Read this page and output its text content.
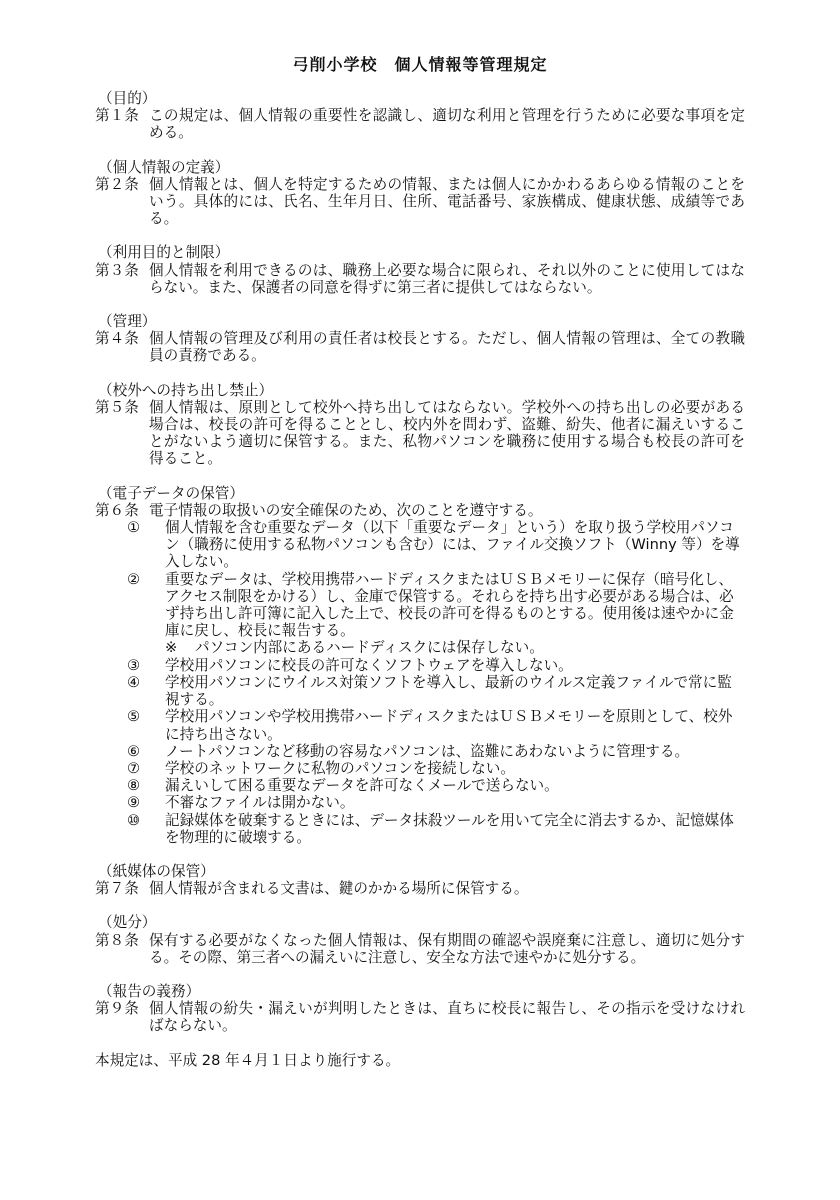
弓削小学校　個人情報等管理規定
（目的）
第１条 この規定は、個人情報の重要性を認識し、適切な利用と管理を行うために必要な事項を定める。
（個人情報の定義）
第２条 個人情報とは、個人を特定するための情報、または個人にかかわるあらゆる情報のことをいう。具体的には、氏名、生年月日、住所、電話番号、家族構成、健康状態、成績等である。
（利用目的と制限）
第３条 個人情報を利用できるのは、職務上必要な場合に限られ、それ以外のことに使用してはならない。また、保護者の同意を得ずに第三者に提供してはならない。
（管理）
第４条 個人情報の管理及び利用の責任者は校長とする。ただし、個人情報の管理は、全ての教職員の責務である。
（校外への持ち出し禁止）
第５条 個人情報は、原則として校外へ持ち出してはならない。学校外への持ち出しの必要がある場合は、校長の許可を得ることとし、校内外を問わず、盗難、紛失、他者に漏えいすることがないよう適切に保管する。また、私物パソコンを職務に使用する場合も校長の許可を得ること。
（電子データの保管）
第６条 電子情報の取扱いの安全確保のため、次のことを遵守する。
①	個人情報を含む重要なデータ（以下「重要なデータ」という）を取り扱う学校用パソコン（職務に使用する私物パソコンも含む）には、ファイル交換ソフト（Winny 等）を導入しない。
②	重要なデータは、学校用携帯ハードディスクまたはＵＳＢメモリーに保存（暗号化し、アクセス制限をかける）し、金庫で保管する。それらを持ち出す必要がある場合は、必ず持ち出し許可簿に記入した上で、校長の許可を得るものとする。使用後は速やかに金庫に戻し、校長に報告する。
※	パソコン内部にあるハードディスクには保存しない。
③	学校用パソコンに校長の許可なくソフトウェアを導入しない。
④	学校用パソコンにウイルス対策ソフトを導入し、最新のウイルス定義ファイルで常に監視する。
⑤	学校用パソコンや学校用携帯ハードディスクまたはＵＳＢメモリーを原則として、校外に持ち出さない。
⑥	ノートパソコンなど移動の容易なパソコンは、盗難にあわないように管理する。
⑦	学校のネットワークに私物のパソコンを接続しない。
⑧	漏えいして困る重要なデータを許可なくメールで送らない。
⑨	不審なファイルは開かない。
⑩	記録媒体を破棄するときには、データ抹殺ツールを用いて完全に消去するか、記憶媒体を物理的に破壊する。
（紙媒体の保管）
第７条 個人情報が含まれる文書は、鍵のかかる場所に保管する。
（処分）
第８条 保有する必要がなくなった個人情報は、保有期間の確認や誤廃棄に注意し、適切に処分する。その際、第三者への漏えいに注意し、安全な方法で速やかに処分する。
（報告の義務）
第９条 個人情報の紛失・漏えいが判明したときは、直ちに校長に報告し、その指示を受けなければならない。
本規定は、平成 28 年４月１日より施行する。
